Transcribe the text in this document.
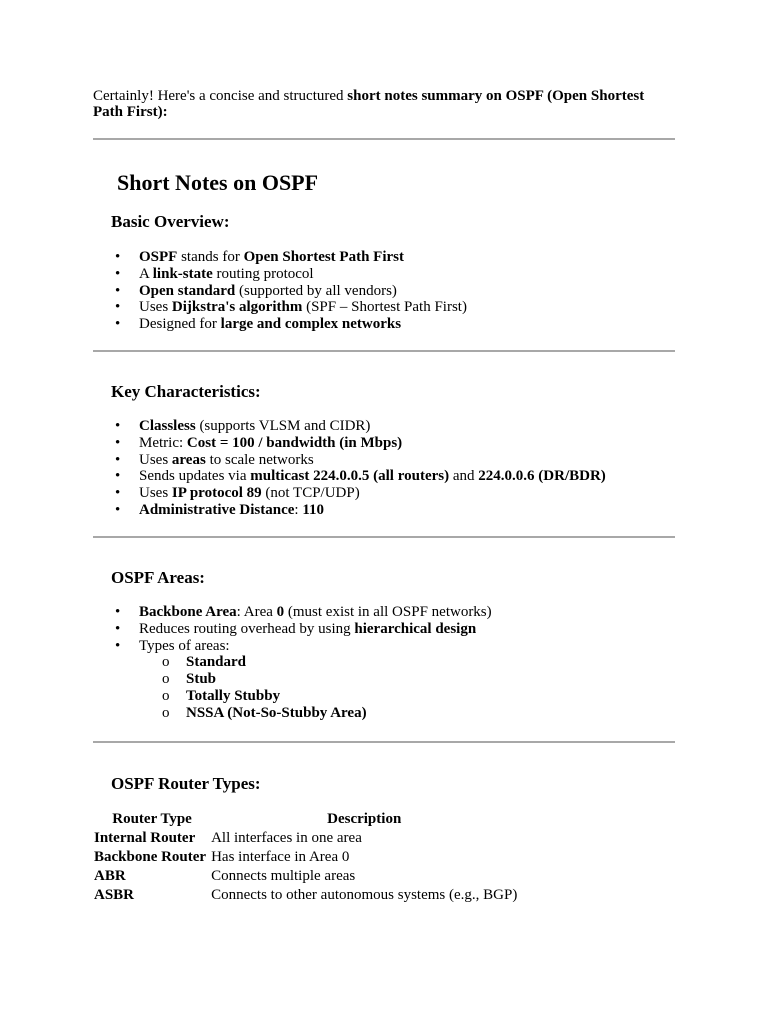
Certainly! Here's a concise and structured short notes summary on OSPF (Open Shortest Path First):

Short Notes on OSPF
Basic Overview:
• OSPF stands for Open Shortest Path First
• A link-state routing protocol
• Open standard (supported by all vendors)
• Uses Dijkstra's algorithm (SPF – Shortest Path First)
• Designed for large and complex networks
Key Characteristics:
• Classless (supports VLSM and CIDR)
• Metric: Cost = 100 / bandwidth (in Mbps)
• Uses areas to scale networks
• Sends updates via multicast 224.0.0.5 (all routers) and 224.0.0.6 (DR/BDR)
• Uses IP protocol 89 (not TCP/UDP)
• Administrative Distance: 110
OSPF Areas:
• Backbone Area: Area 0 (must exist in all OSPF networks)
• Reduces routing overhead by using hierarchical design
• Types of areas:
o Standard
o Stub
o Totally Stubby
o NSSA (Not-So-Stubby Area)
OSPF Router Types:
Router Type	Description
Internal Router	All interfaces in one area
Backbone Router	Has interface in Area 0
ABR	Connects multiple areas
ASBR	Connects to other autonomous systems (e.g., BGP)
